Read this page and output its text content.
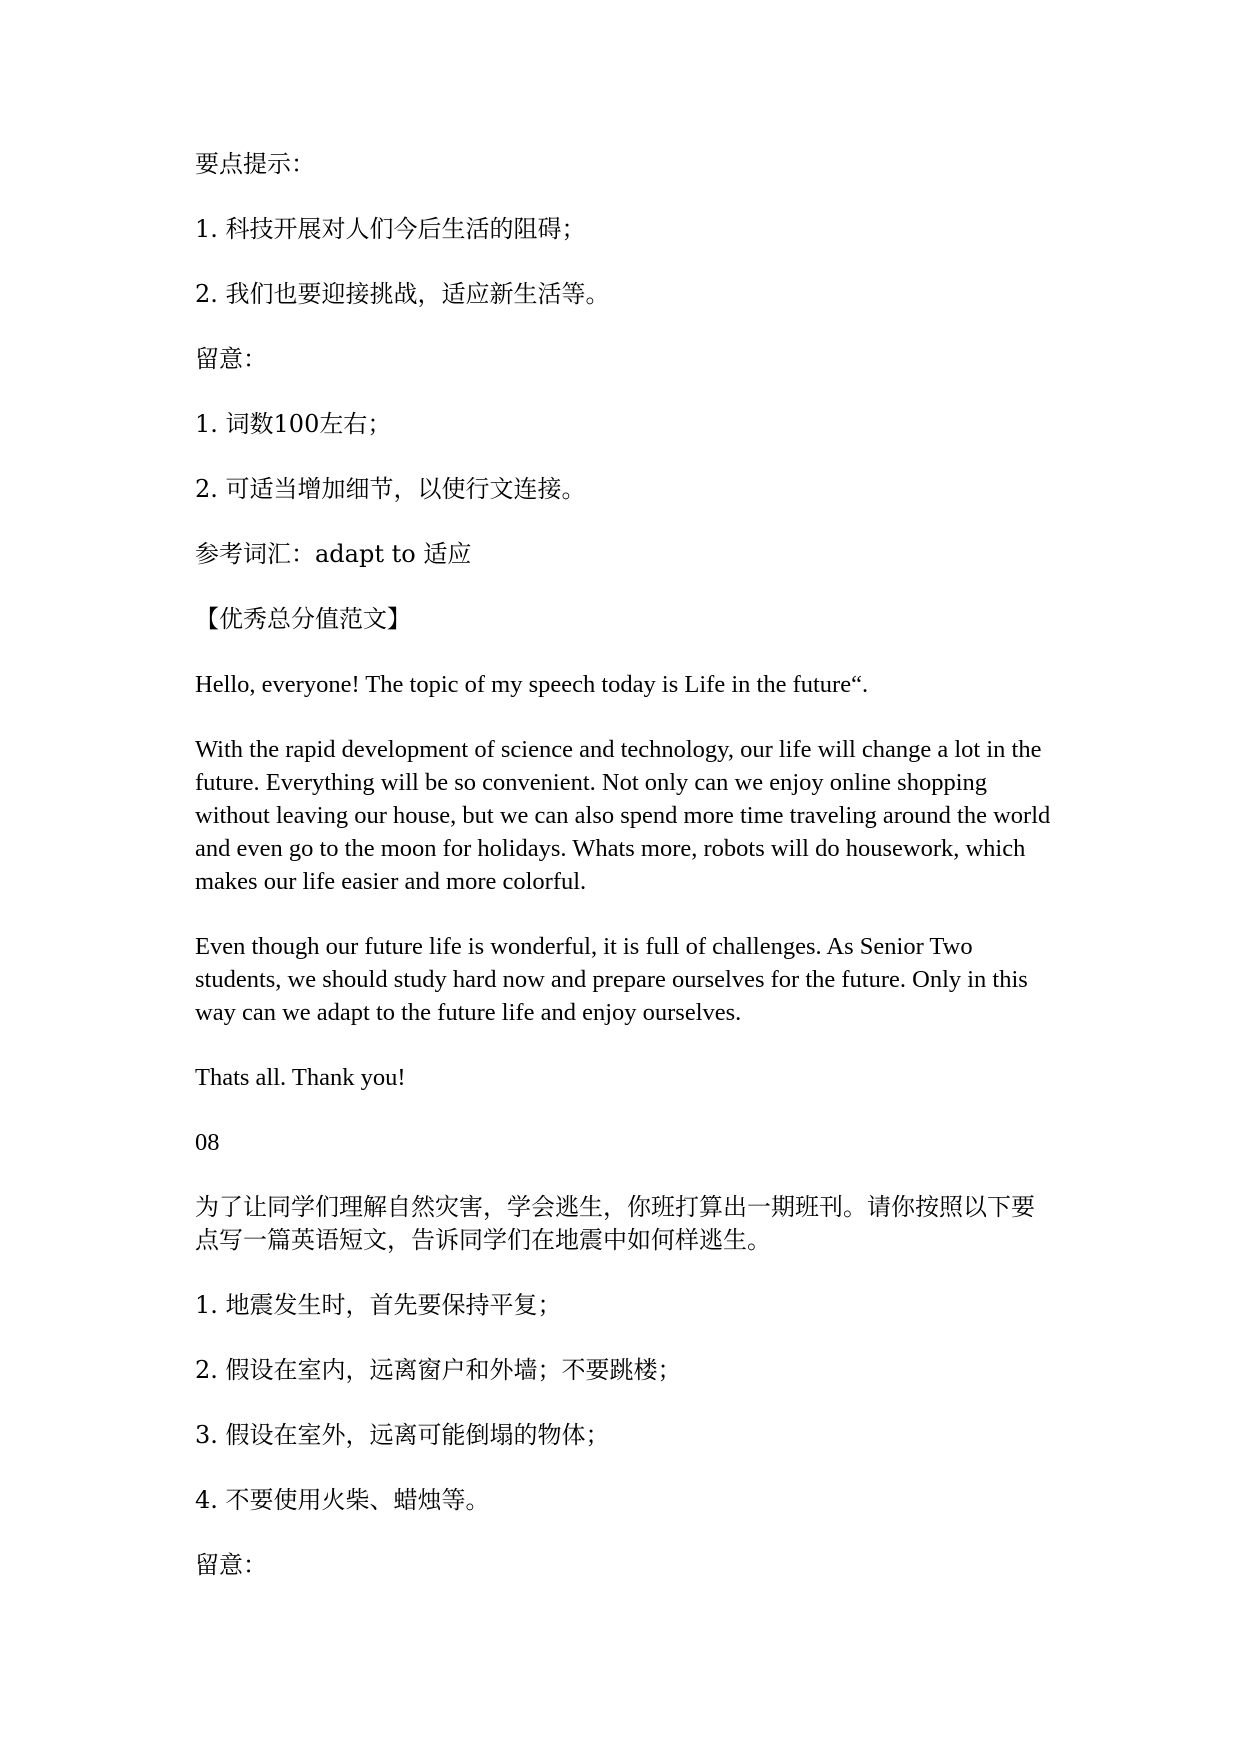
要点提示：

1. 科技开展对人们今后生活的阻碍；

2. 我们也要迎接挑战，适应新生活等。

留意：

1. 词数100左右；

2. 可适当增加细节，以使行文连接。

参考词汇：adapt to 适应

【优秀总分值范文】

Hello, everyone! The topic of my speech today is Life in the future“.

With the rapid development of science and technology, our life will change a lot in the future. Everything will be so convenient. Not only can we enjoy online shopping without leaving our house, but we can also spend more time traveling around the world and even go to the moon for holidays. Whats more, robots will do housework, which makes our life easier and more colorful.

Even though our future life is wonderful, it is full of challenges. As Senior Two students, we should study hard now and prepare ourselves for the future. Only in this way can we adapt to the future life and enjoy ourselves.

Thats all. Thank you!

08

为了让同学们理解自然灾害，学会逃生，你班打算出一期班刊。请你按照以下要点写一篇英语短文，告诉同学们在地震中如何样逃生。

1. 地震发生时，首先要保持平复；

2. 假设在室内，远离窗户和外墙；不要跳楼；

3. 假设在室外，远离可能倒塌的物体；

4. 不要使用火柴、蜡烛等。

留意：
